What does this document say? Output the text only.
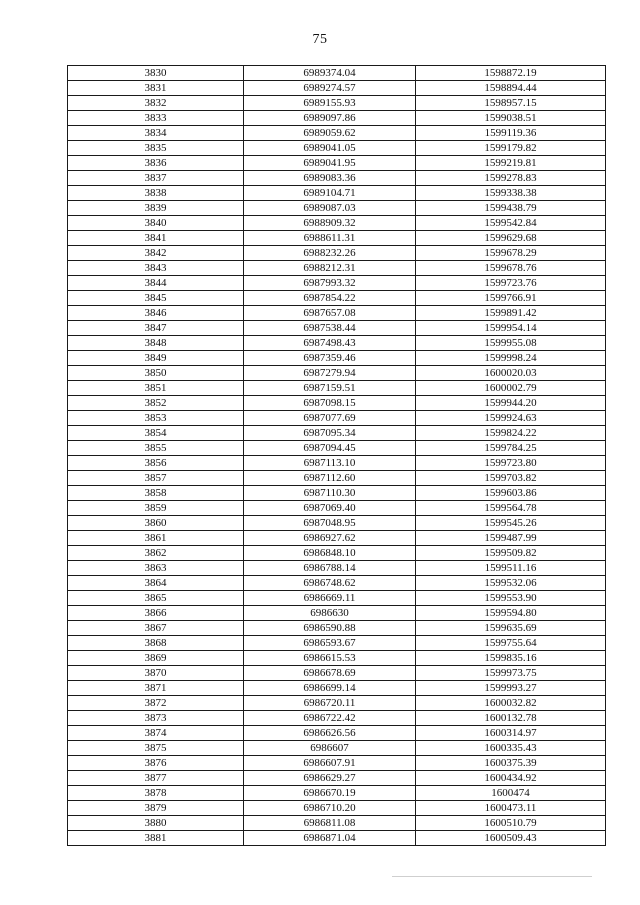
75
3830	6989374.04	1598872.19
3831	6989274.57	1598894.44
3832	6989155.93	1598957.15
3833	6989097.86	1599038.51
3834	6989059.62	1599119.36
3835	6989041.05	1599179.82
3836	6989041.95	1599219.81
3837	6989083.36	1599278.83
3838	6989104.71	1599338.38
3839	6989087.03	1599438.79
3840	6988909.32	1599542.84
3841	6988611.31	1599629.68
3842	6988232.26	1599678.29
3843	6988212.31	1599678.76
3844	6987993.32	1599723.76
3845	6987854.22	1599766.91
3846	6987657.08	1599891.42
3847	6987538.44	1599954.14
3848	6987498.43	1599955.08
3849	6987359.46	1599998.24
3850	6987279.94	1600020.03
3851	6987159.51	1600002.79
3852	6987098.15	1599944.20
3853	6987077.69	1599924.63
3854	6987095.34	1599824.22
3855	6987094.45	1599784.25
3856	6987113.10	1599723.80
3857	6987112.60	1599703.82
3858	6987110.30	1599603.86
3859	6987069.40	1599564.78
3860	6987048.95	1599545.26
3861	6986927.62	1599487.99
3862	6986848.10	1599509.82
3863	6986788.14	1599511.16
3864	6986748.62	1599532.06
3865	6986669.11	1599553.90
3866	6986630	1599594.80
3867	6986590.88	1599635.69
3868	6986593.67	1599755.64
3869	6986615.53	1599835.16
3870	6986678.69	1599973.75
3871	6986699.14	1599993.27
3872	6986720.11	1600032.82
3873	6986722.42	1600132.78
3874	6986626.56	1600314.97
3875	6986607	1600335.43
3876	6986607.91	1600375.39
3877	6986629.27	1600434.92
3878	6986670.19	1600474
3879	6986710.20	1600473.11
3880	6986811.08	1600510.79
3881	6986871.04	1600509.43
